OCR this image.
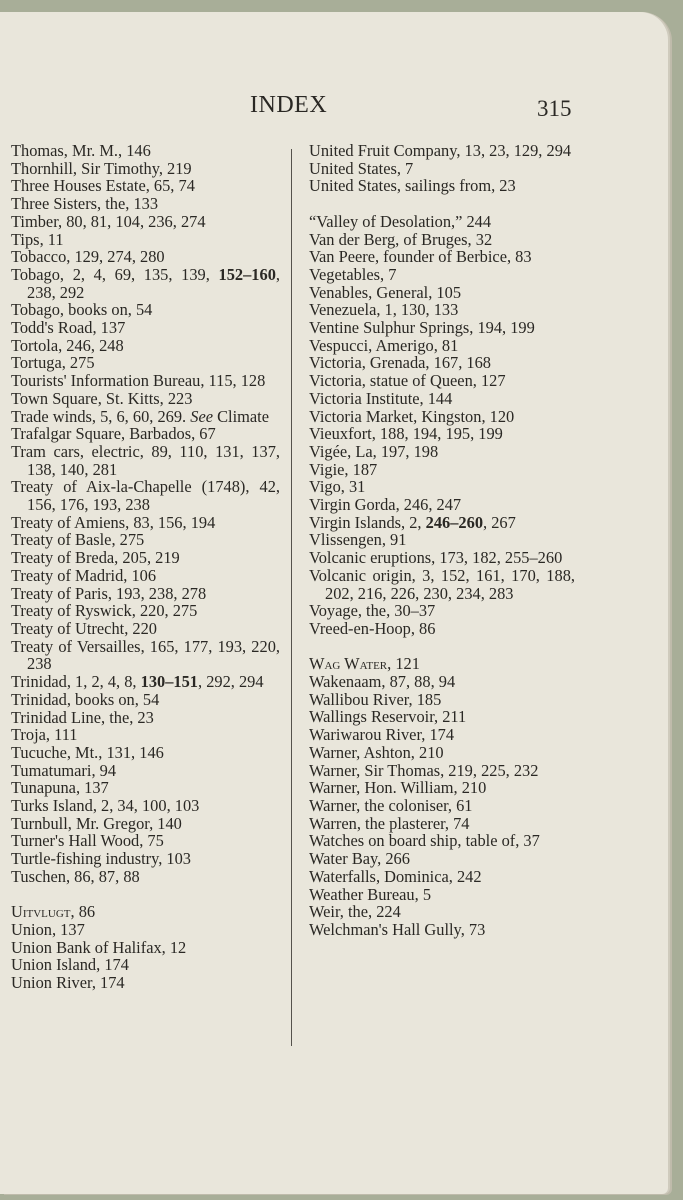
INDEX	315
Thomas, Mr. M., 146
Thornhill, Sir Timothy, 219
Three Houses Estate, 65, 74
Three Sisters, the, 133
Timber, 80, 81, 104, 236, 274
Tips, 11
Tobacco, 129, 274, 280
Tobago, 2, 4, 69, 135, 139, 152–160, 238, 292
Tobago, books on, 54
Todd's Road, 137
Tortola, 246, 248
Tortuga, 275
Tourists' Information Bureau, 115, 128
Town Square, St. Kitts, 223
Trade winds, 5, 6, 60, 269. See Climate
Trafalgar Square, Barbados, 67
Tram cars, electric, 89, 110, 131, 137, 138, 140, 281
Treaty of Aix-la-Chapelle (1748), 42, 156, 176, 193, 238
Treaty of Amiens, 83, 156, 194
Treaty of Basle, 275
Treaty of Breda, 205, 219
Treaty of Madrid, 106
Treaty of Paris, 193, 238, 278
Treaty of Ryswick, 220, 275
Treaty of Utrecht, 220
Treaty of Versailles, 165, 177, 193, 220, 238
Trinidad, 1, 2, 4, 8, 130–151, 292, 294
Trinidad, books on, 54
Trinidad Line, the, 23
Troja, 111
Tucuche, Mt., 131, 146
Tumatumari, 94
Tunapuna, 137
Turks Island, 2, 34, 100, 103
Turnbull, Mr. Gregor, 140
Turner's Hall Wood, 75
Turtle-fishing industry, 103
Tuschen, 86, 87, 88
Uitvlugt, 86
Union, 137
Union Bank of Halifax, 12
Union Island, 174
Union River, 174
United Fruit Company, 13, 23, 129, 294
United States, 7
United States, sailings from, 23
“Valley of Desolation,” 244
Van der Berg, of Bruges, 32
Van Peere, founder of Berbice, 83
Vegetables, 7
Venables, General, 105
Venezuela, 1, 130, 133
Ventine Sulphur Springs, 194, 199
Vespucci, Amerigo, 81
Victoria, Grenada, 167, 168
Victoria, statue of Queen, 127
Victoria Institute, 144
Victoria Market, Kingston, 120
Vieuxfort, 188, 194, 195, 199
Vigée, La, 197, 198
Vigie, 187
Vigo, 31
Virgin Gorda, 246, 247
Virgin Islands, 2, 246–260, 267
Vlissengen, 91
Volcanic eruptions, 173, 182, 255–260
Volcanic origin, 3, 152, 161, 170, 188, 202, 216, 226, 230, 234, 283
Voyage, the, 30–37
Vreed-en-Hoop, 86
Wag Water, 121
Wakenaam, 87, 88, 94
Wallibou River, 185
Wallings Reservoir, 211
Wariwarou River, 174
Warner, Ashton, 210
Warner, Sir Thomas, 219, 225, 232
Warner, Hon. William, 210
Warner, the coloniser, 61
Warren, the plasterer, 74
Watches on board ship, table of, 37
Water Bay, 266
Waterfalls, Dominica, 242
Weather Bureau, 5
Weir, the, 224
Welchman's Hall Gully, 73
